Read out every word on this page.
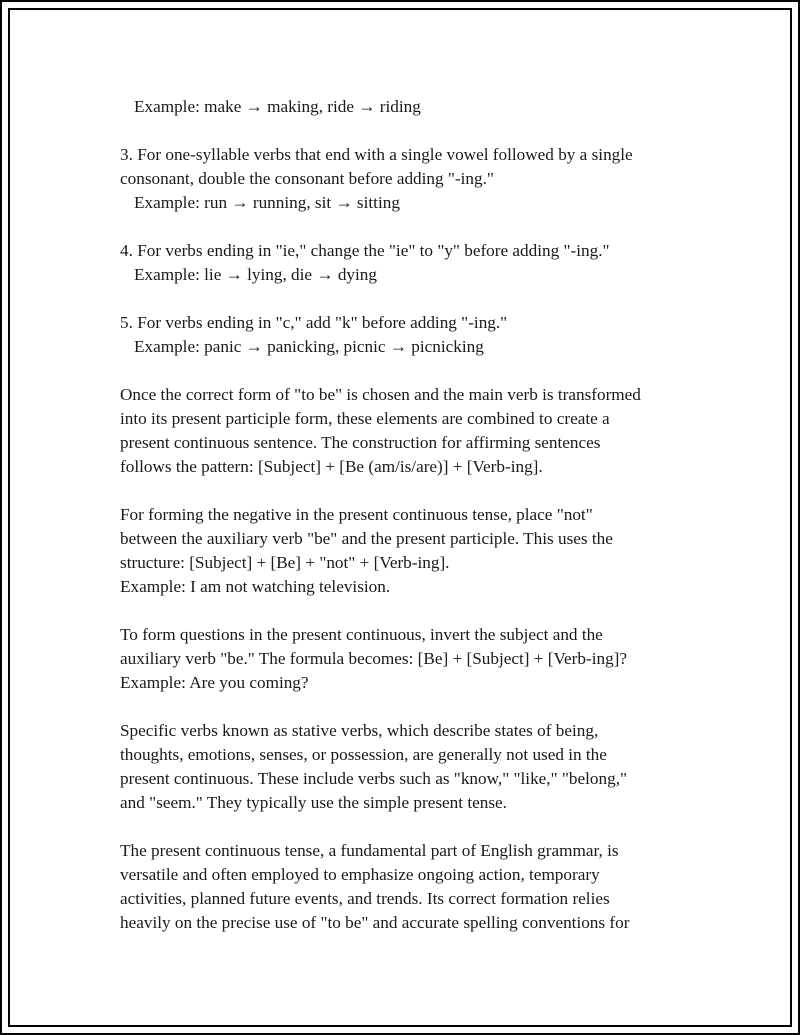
Example: make → making, ride → riding

3. For one-syllable verbs that end with a single vowel followed by a single
consonant, double the consonant before adding "-ing."
Example: run → running, sit → sitting

4. For verbs ending in "ie," change the "ie" to "y" before adding "-ing."
Example: lie → lying, die → dying

5. For verbs ending in "c," add "k" before adding "-ing."
Example: panic → panicking, picnic → picnicking

Once the correct form of "to be" is chosen and the main verb is transformed
into its present participle form, these elements are combined to create a
present continuous sentence. The construction for affirming sentences
follows the pattern: [Subject] + [Be (am/is/are)] + [Verb-ing].

For forming the negative in the present continuous tense, place "not"
between the auxiliary verb "be" and the present participle. This uses the
structure: [Subject] + [Be] + "not" + [Verb-ing].
Example: I am not watching television.

To form questions in the present continuous, invert the subject and the
auxiliary verb "be." The formula becomes: [Be] + [Subject] + [Verb-ing]?
Example: Are you coming?

Specific verbs known as stative verbs, which describe states of being,
thoughts, emotions, senses, or possession, are generally not used in the
present continuous. These include verbs such as "know," "like," "belong,"
and "seem." They typically use the simple present tense.

The present continuous tense, a fundamental part of English grammar, is
versatile and often employed to emphasize ongoing action, temporary
activities, planned future events, and trends. Its correct formation relies
heavily on the precise use of "to be" and accurate spelling conventions for
